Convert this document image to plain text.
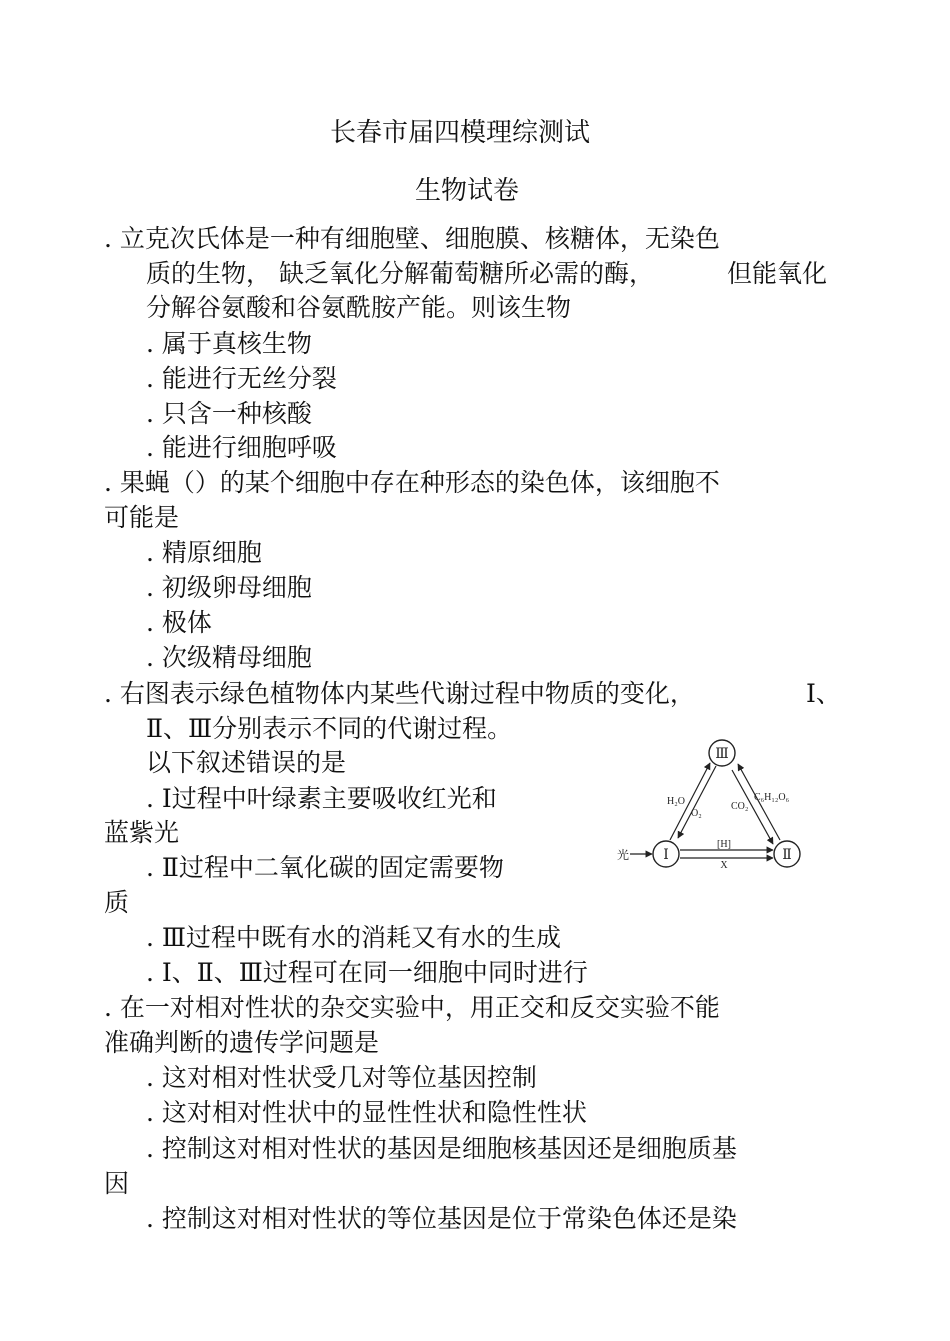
长春市届四模理综测试
生物试卷
. 立克次氏体是一种有细胞壁、细胞膜、核糖体，无染色
质的生物， 缺乏氧化分解葡萄糖所必需的酶，	但能氧化
分解谷氨酸和谷氨酰胺产能。则该生物
. 属于真核生物
. 能进行无丝分裂
. 只含一种核酸
. 能进行细胞呼吸
. 果蝇（）的某个细胞中存在种形态的染色体，该细胞不
可能是
. 精原细胞
. 初级卵母细胞
. 极体
. 次级精母细胞
. 右图表示绿色植物体内某些代谢过程中物质的变化，	Ⅰ、
Ⅱ、Ⅲ分别表示不同的代谢过程。
以下叙述错误的是
. Ⅰ过程中叶绿素主要吸收红光和
蓝紫光
. Ⅱ过程中二氧化碳的固定需要物
质
. Ⅲ过程中既有水的消耗又有水的生成
. Ⅰ、Ⅱ、Ⅲ过程可在同一细胞中同时进行
Ⅲ
Ⅰ	Ⅱ
光
[H]
X
H₂O
O₂
CO₂
C₆H₁₂O₆
. 在一对相对性状的杂交实验中，用正交和反交实验不能
准确判断的遗传学问题是
. 这对相对性状受几对等位基因控制
. 这对相对性状中的显性性状和隐性性状
. 控制这对相对性状的基因是细胞核基因还是细胞质基
因
. 控制这对相对性状的等位基因是位于常染色体还是染
